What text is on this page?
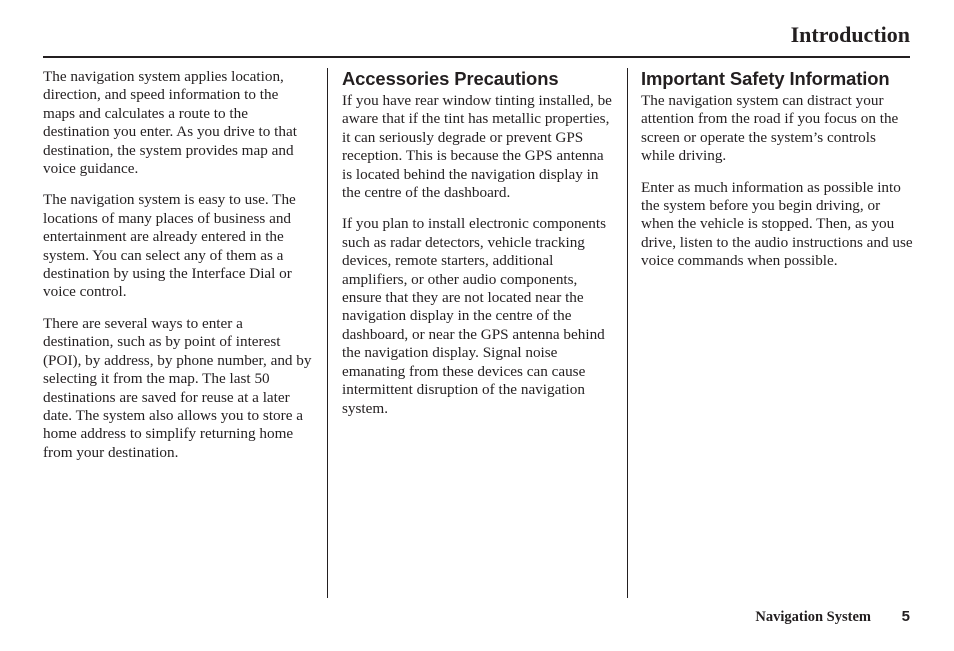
Introduction

The navigation system applies location, direction, and speed information to the maps and calculates a route to the destination you enter. As you drive to that destination, the system provides map and voice guidance.

The navigation system is easy to use. The locations of many places of business and entertainment are already entered in the system. You can select any of them as a destination by using the Interface Dial or voice control.

There are several ways to enter a destination, such as by point of interest (POI), by address, by phone number, and by selecting it from the map. The last 50 destinations are saved for reuse at a later date. The system also allows you to store a home address to simplify returning home from your destination.

Accessories Precautions

If you have rear window tinting installed, be aware that if the tint has metallic properties, it can seriously degrade or prevent GPS reception. This is because the GPS antenna is located behind the navigation display in the centre of the dashboard.

If you plan to install electronic components such as radar detectors, vehicle tracking devices, remote starters, additional amplifiers, or other audio components, ensure that they are not located near the navigation display in the centre of the dashboard, or near the GPS antenna behind the navigation display. Signal noise emanating from these devices can cause intermittent disruption of the navigation system.

Important Safety Information

The navigation system can distract your attention from the road if you focus on the screen or operate the system’s controls while driving.

Enter as much information as possible into the system before you begin driving, or when the vehicle is stopped. Then, as you drive, listen to the audio instructions and use voice commands when possible.

Navigation System 5
